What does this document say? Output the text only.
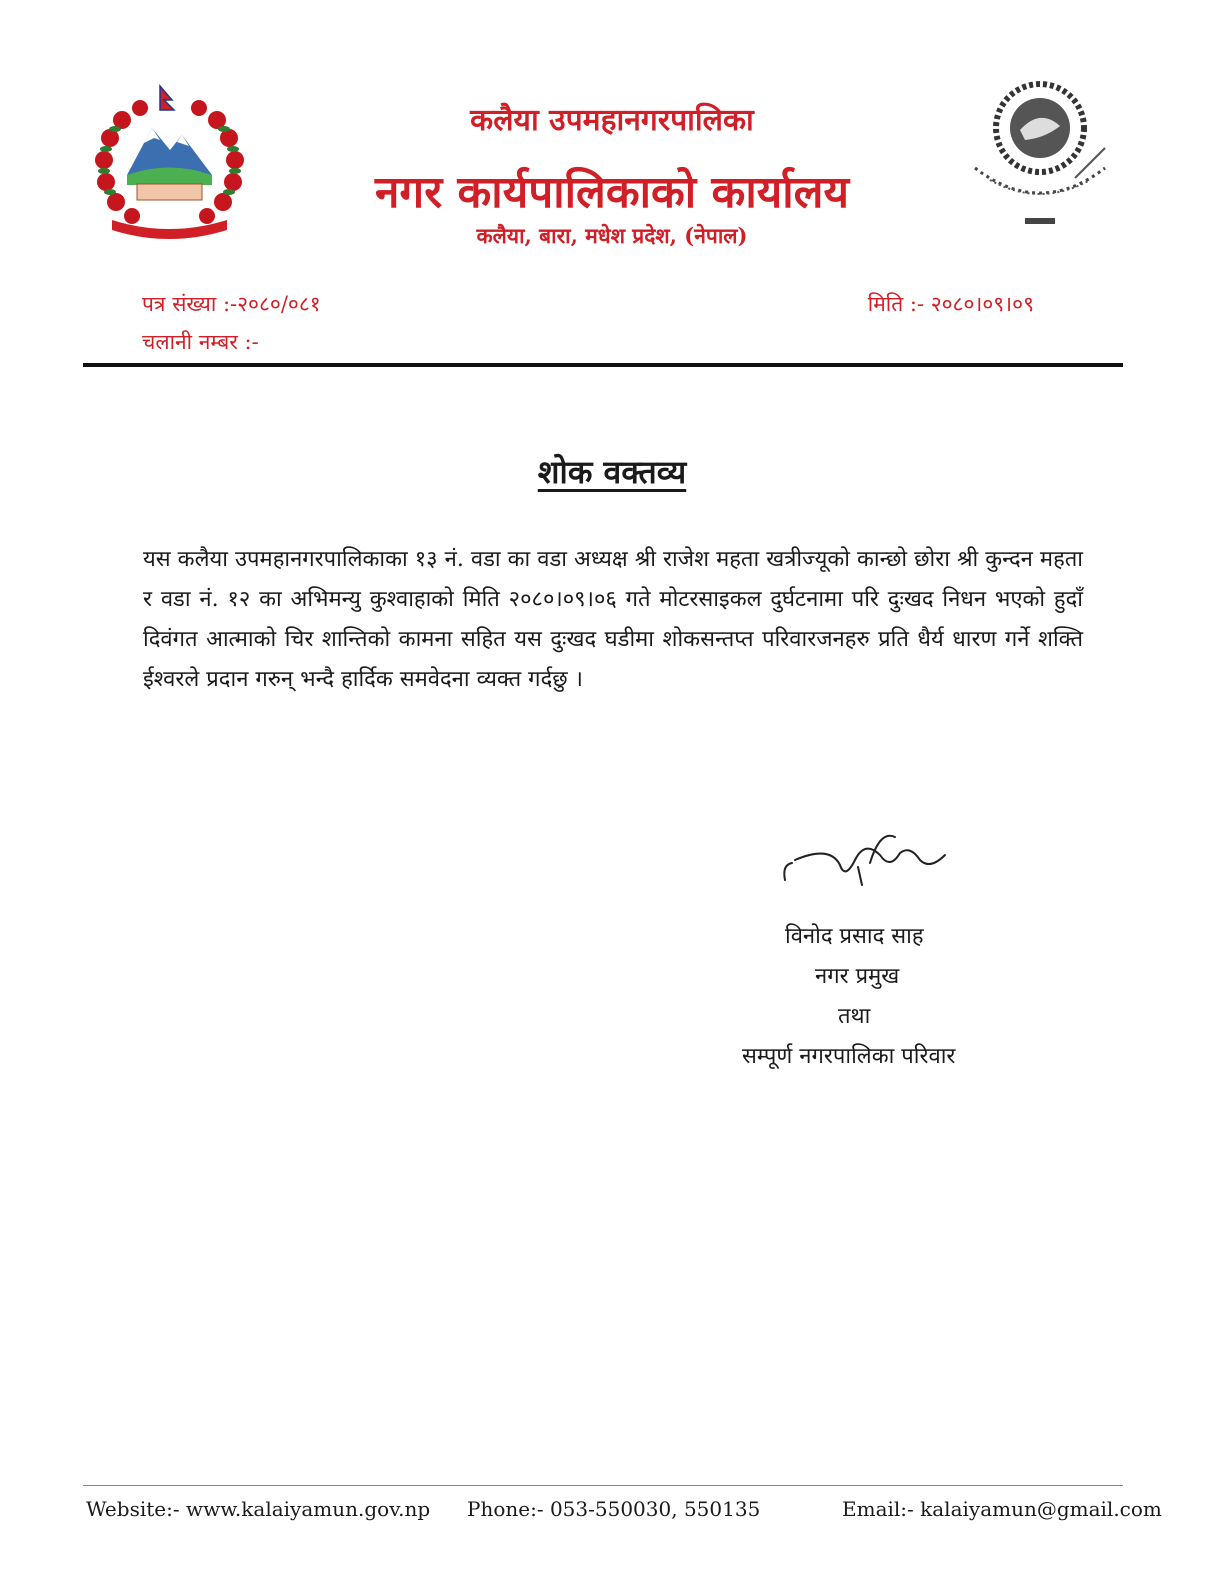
कलैया उपमहानगरपालिका
नगर कार्यपालिकाको कार्यालय
कलैया, बारा, मधेश प्रदेश, (नेपाल)
पत्र संख्या :-२०८०/०८१
चलानी नम्बर :-
मिति :- २०८०।०९।०९
शोक वक्तव्य
यस कलैया उपमहानगरपालिकाका १३ नं. वडा का वडा अध्यक्ष श्री राजेश महता खत्रीज्यूको कान्छो छोरा श्री कुन्दन महता र वडा नं. १२ का अभिमन्यु कुश्वाहाको मिति २०८०।०९।०६ गते मोटरसाइकल दुर्घटनामा परि दुःखद निधन भएको हुदाँ दिवंगत आत्माको चिर शान्तिको कामना सहित यस दुःखद घडीमा शोकसन्तप्त परिवारजनहरु प्रति धैर्य धारण गर्ने शक्ति ईश्वरले प्रदान गरुन् भन्दै हार्दिक समवेदना व्यक्त गर्दछु ।
विनोद प्रसाद साह
नगर प्रमुख
तथा
सम्पूर्ण नगरपालिका परिवार
Website:- www.kalaiyamun.gov.np Phone:- 053-550030, 550135	Email:- kalaiyamun@gmail.com
